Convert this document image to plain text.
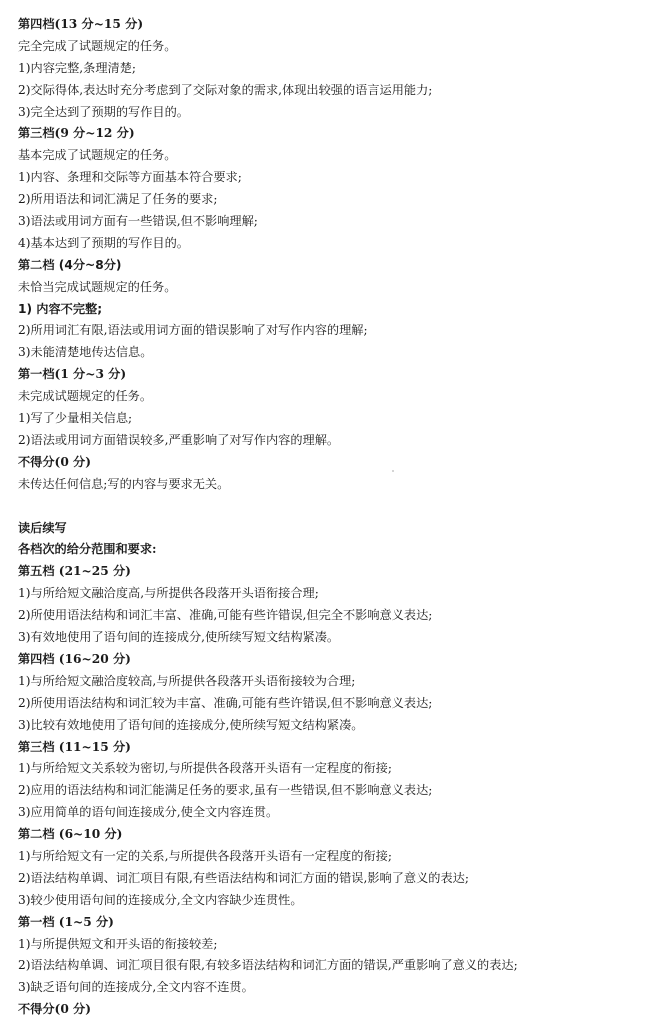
第四档(13 分~15 分)
完全完成了试题规定的任务。
1)内容完整,条理清楚;
2)交际得体,表达时充分考虑到了交际对象的需求,体现出较强的语言运用能力;
3)完全达到了预期的写作目的。
第三档(9 分~12 分)
基本完成了试题规定的任务。
1)内容、条理和交际等方面基本符合要求;
2)所用语法和词汇满足了任务的要求;
3)语法或用词方面有一些错误,但不影响理解;
4)基本达到了预期的写作目的。
第二档 (4分~8分)
未恰当完成试题规定的任务。
1) 内容不完整;
2)所用词汇有限,语法或用词方面的错误影响了对写作内容的理解;
3)未能清楚地传达信息。
第一档(1 分~3 分)
未完成试题规定的任务。
1)写了少量相关信息;
2)语法或用词方面错误较多,严重影响了对写作内容的理解。
不得分(0 分)
未传达任何信息;写的内容与要求无关。
读后续写
各档次的给分范围和要求:
第五档 (21~25 分)
1)与所给短文融洽度高,与所提供各段落开头语衔接合理;
2)所使用语法结构和词汇丰富、准确,可能有些许错误,但完全不影响意义表达;
3)有效地使用了语句间的连接成分,使所续写短文结构紧凑。
第四档 (16~20 分)
1)与所给短文融洽度较高,与所提供各段落开头语衔接较为合理;
2)所使用语法结构和词汇较为丰富、准确,可能有些许错误,但不影响意义表达;
3)比较有效地使用了语句间的连接成分,使所续写短文结构紧凑。
第三档 (11~15 分)
1)与所给短文关系较为密切,与所提供各段落开头语有一定程度的衔接;
2)应用的语法结构和词汇能满足任务的要求,虽有一些错误,但不影响意义表达;
3)应用简单的语句间连接成分,使全文内容连贯。
第二档 (6~10 分)
1)与所给短文有一定的关系,与所提供各段落开头语有一定程度的衔接;
2)语法结构单调、词汇项目有限,有些语法结构和词汇方面的错误,影响了意义的表达;
3)较少使用语句间的连接成分,全文内容缺少连贯性。
第一档 (1~5 分)
1)与所提供短文和开头语的衔接较差;
2)语法结构单调、词汇项目很有限,有较多语法结构和词汇方面的错误,严重影响了意义的表达;
3)缺乏语句间的连接成分,全文内容不连贯。
不得分(0 分)
